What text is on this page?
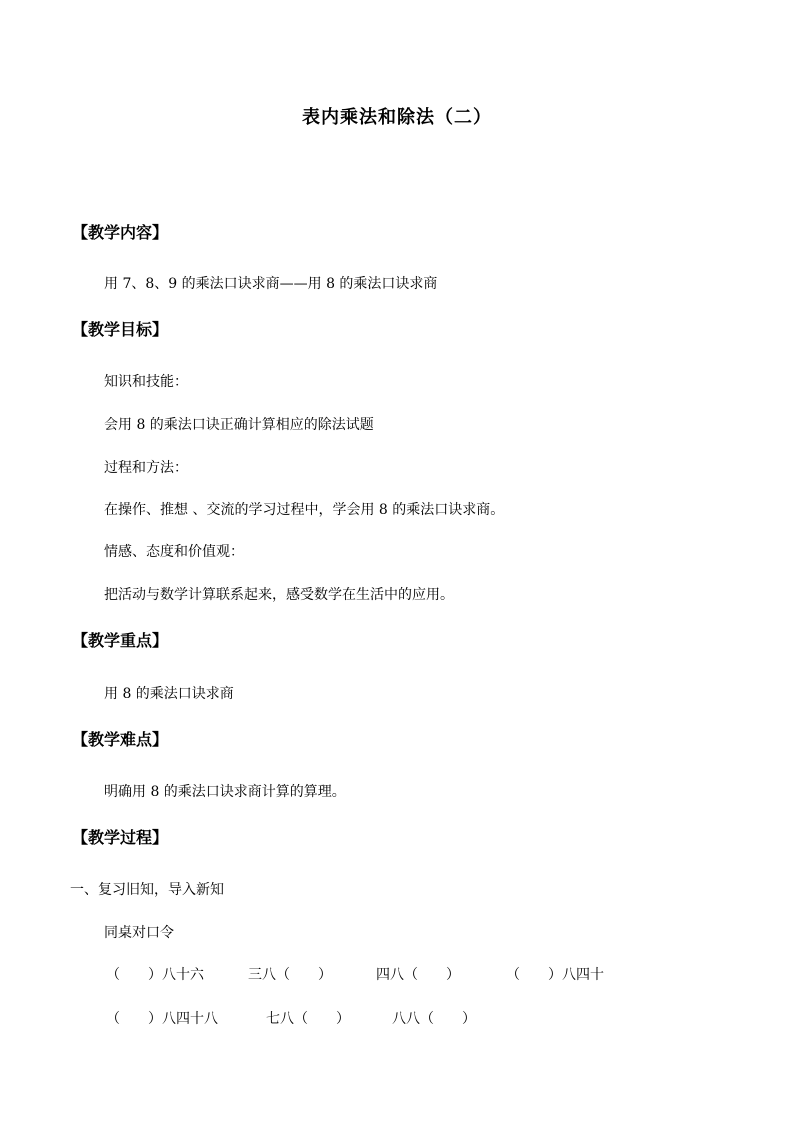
表内乘法和除法（二）
【教学内容】
用 7、8、9 的乘法口诀求商——用 8 的乘法口诀求商
【教学目标】
知识和技能：
会用 8 的乘法口诀正确计算相应的除法试题
过程和方法：
在操作、推想 、交流的学习过程中，学会用 8 的乘法口诀求商。
情感、态度和价值观：
把活动与数学计算联系起来，感受数学在生活中的应用。
【教学重点】
用 8 的乘法口诀求商
【教学难点】
明确用 8 的乘法口诀求商计算的算理。
【教学过程】
一、复习旧知，导入新知
同桌对口令
（　　）八十六	三八（　　）	四八（　　）	（　　）八四十
（　　）八四十八	七八（　　）	八八（　　）
